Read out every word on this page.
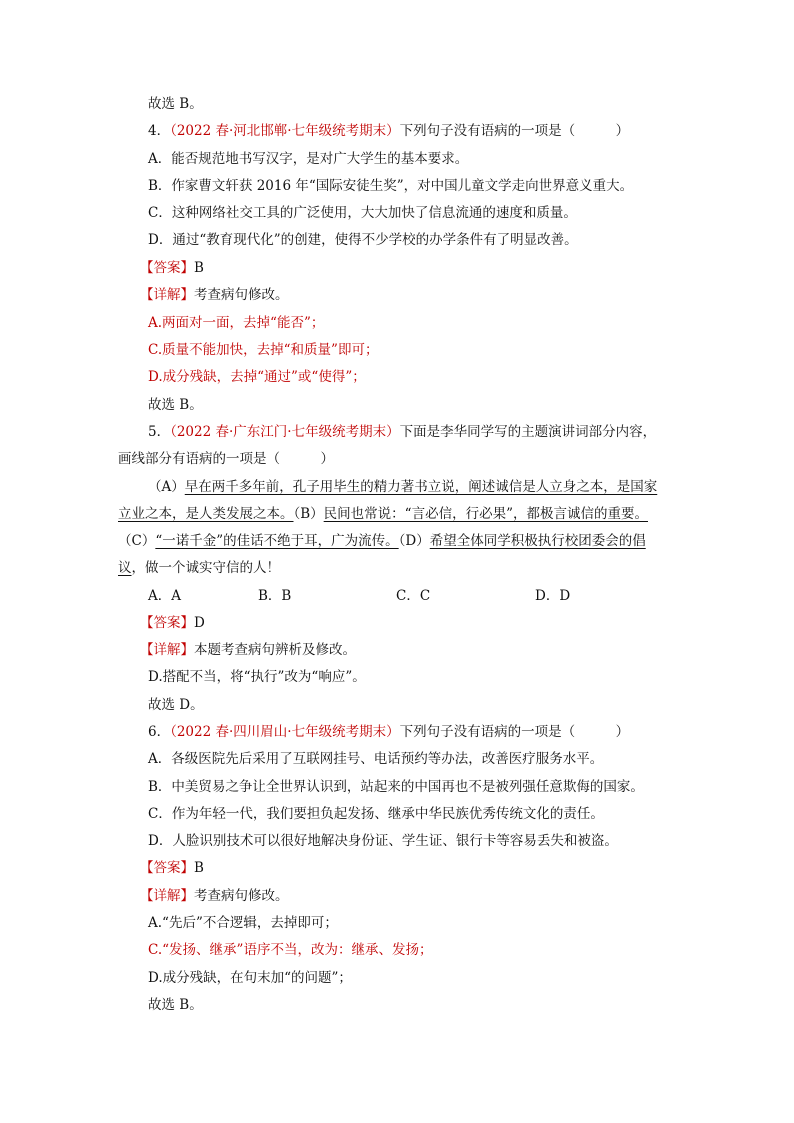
故选 B。
4．（2022 春·河北邯郸·七年级统考期末）下列句子没有语病的一项是（　　　）
A．能否规范地书写汉字，是对广大学生的基本要求。
B．作家曹文轩获 2016 年“国际安徒生奖”，对中国儿童文学走向世界意义重大。
C．这种网络社交工具的广泛使用，大大加快了信息流通的速度和质量。
D．通过“教育现代化”的创建，使得不少学校的办学条件有了明显改善。
【答案】B
【详解】考查病句修改。
A.两面对一面，去掉“能否”；
C.质量不能加快，去掉“和质量”即可；
D.成分残缺，去掉“通过”或“使得”；
故选 B。
5．（2022 春·广东江门·七年级统考期末）下面是李华同学写的主题演讲词部分内容，
画线部分有语病的一项是（　　　）
（A）早在两千多年前，孔子用毕生的精力著书立说，阐述诚信是人立身之本，是国家
立业之本，是人类发展之本。（B）民间也常说：“言必信，行必果”，都极言诚信的重要。
（C）“一诺千金”的佳话不绝于耳，广为流传。（D）希望全体同学积极执行校团委会的倡
议，做一个诚实守信的人！
A．A	B．B	C．C	D．D
【答案】D
【详解】本题考查病句辨析及修改。
D.搭配不当，将“执行”改为“响应”。
故选 D。
6．（2022 春·四川眉山·七年级统考期末）下列句子没有语病的一项是（　　　）
A．各级医院先后采用了互联网挂号、电话预约等办法，改善医疗服务水平。
B．中美贸易之争让全世界认识到，站起来的中国再也不是被列强任意欺侮的国家。
C．作为年轻一代，我们要担负起发扬、继承中华民族优秀传统文化的责任。
D．人脸识别技术可以很好地解决身份证、学生证、银行卡等容易丢失和被盗。
【答案】B
【详解】考查病句修改。
A.“先后”不合逻辑，去掉即可；
C.“发扬、继承”语序不当，改为：继承、发扬；
D.成分残缺，在句末加“的问题”；
故选 B。
